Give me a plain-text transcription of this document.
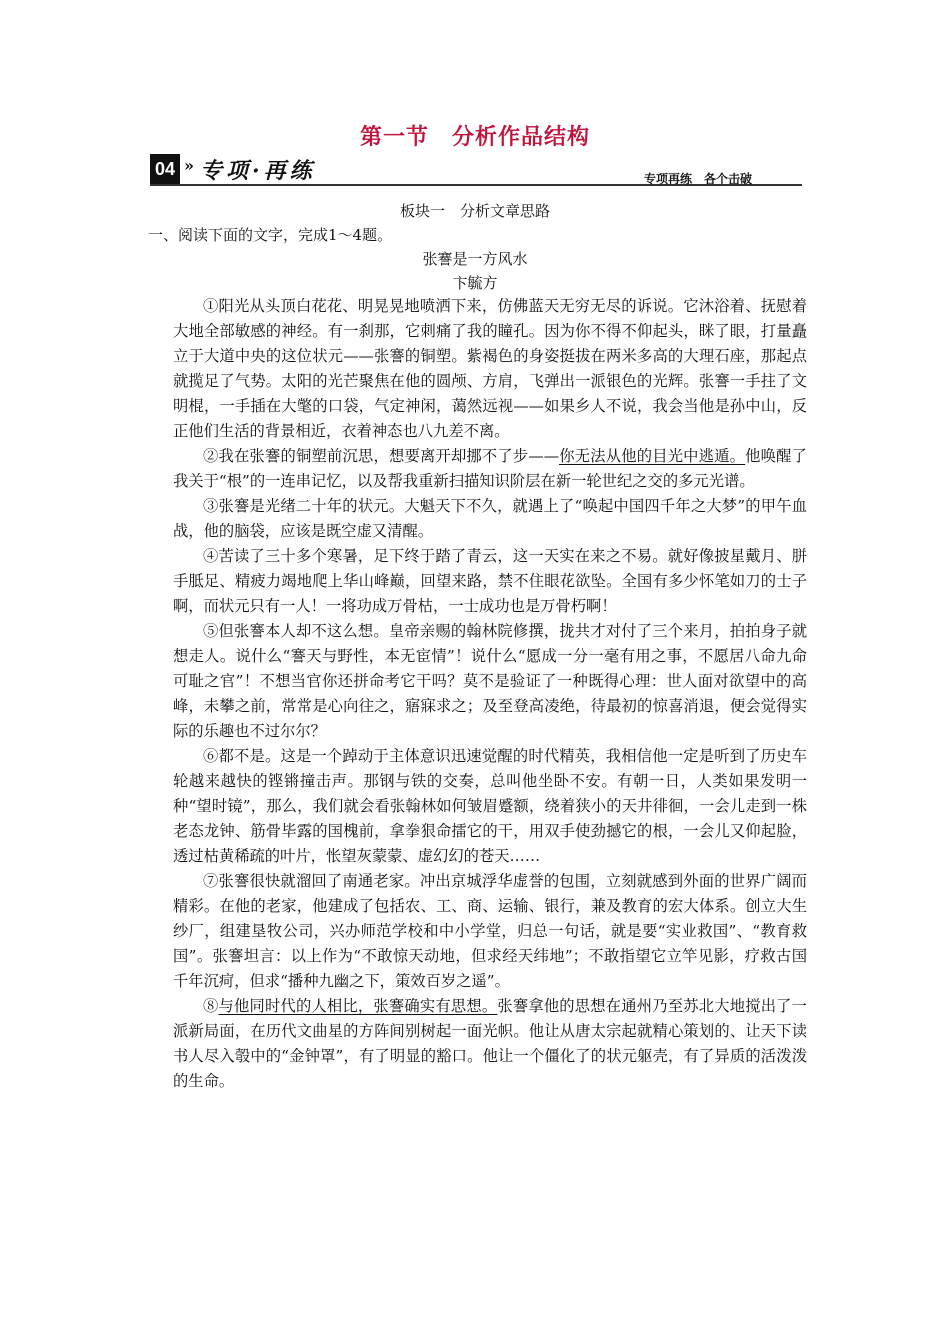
第一节　分析作品结构
04 » 专项·再练	专项再练　各个击破
板块一　分析文章思路
一、阅读下面的文字，完成1～4题。
张謇是一方风水
卞毓方

①阳光从头顶白花花、明晃晃地喷洒下来，仿佛蓝天无穷无尽的诉说。它沐浴着、抚慰着大地全部敏感的神经。有一刹那，它刺痛了我的瞳孔。因为你不得不仰起头，眯了眼，打量矗立于大道中央的这位状元——张謇的铜塑。紫褐色的身姿挺拔在两米多高的大理石座，那起点就揽足了气势。太阳的光芒聚焦在他的圆颅、方肩，飞弹出一派银色的光辉。张謇一手拄了文明棍，一手插在大氅的口袋，气定神闲，蔼然远视——如果乡人不说，我会当他是孙中山，反正他们生活的背景相近，衣着神态也八九差不离。

②我在张謇的铜塑前沉思，想要离开却挪不了步——你无法从他的目光中逃遁。他唤醒了我关于“根”的一连串记忆，以及帮我重新扫描知识阶层在新一轮世纪之交的多元光谱。

③张謇是光绪二十年的状元。大魁天下不久，就遇上了“唤起中国四千年之大梦”的甲午血战，他的脑袋，应该是既空虚又清醒。

④苦读了三十多个寒暑，足下终于踏了青云，这一天实在来之不易。就好像披星戴月、胼手胝足、精疲力竭地爬上华山峰巅，回望来路，禁不住眼花欲坠。全国有多少怀笔如刀的士子啊，而状元只有一人！一将功成万骨枯，一士成功也是万骨朽啊！

⑤但张謇本人却不这么想。皇帝亲赐的翰林院修撰，拢共才对付了三个来月，拍拍身子就想走人。说什么“謇天与野性，本无宦情”！说什么“愿成一分一毫有用之事，不愿居八命九命可耻之官”！不想当官你还拼命考它干吗？莫不是验证了一种既得心理：世人面对欲望中的高峰，未攀之前，常常是心向往之，寤寐求之；及至登高凌绝，待最初的惊喜消退，便会觉得实际的乐趣也不过尔尔？

⑥都不是。这是一个踔动于主体意识迅速觉醒的时代精英，我相信他一定是听到了历史车轮越来越快的铿锵撞击声。那钢与铁的交奏，总叫他坐卧不安。有朝一日，人类如果发明一种“望时镜”，那么，我们就会看张翰林如何皱眉蹙额，绕着狭小的天井徘徊，一会儿走到一株老态龙钟、筋骨毕露的国槐前，拿拳狠命擂它的干，用双手使劲撼它的根，一会儿又仰起脸，透过枯黄稀疏的叶片，怅望灰蒙蒙、虚幻幻的苍天……

⑦张謇很快就溜回了南通老家。冲出京城浮华虚誉的包围，立刻就感到外面的世界广阔而精彩。在他的老家，他建成了包括农、工、商、运输、银行，兼及教育的宏大体系。创立大生纱厂，组建垦牧公司，兴办师范学校和中小学堂，归总一句话，就是要“实业救国”、“教育救国”。张謇坦言：以上作为“不敢惊天动地，但求经天纬地”；不敢指望它立竿见影，疗救古国千年沉疴，但求“播种九幽之下，策效百岁之遥”。

⑧与他同时代的人相比，张謇确实有思想。张謇拿他的思想在通州乃至苏北大地搅出了一派新局面，在历代文曲星的方阵间别树起一面光帜。他让从唐太宗起就精心策划的、让天下读书人尽入彀中的“金钟罩”，有了明显的豁口。他让一个僵化了的状元躯壳，有了异质的活泼泼的生命。
